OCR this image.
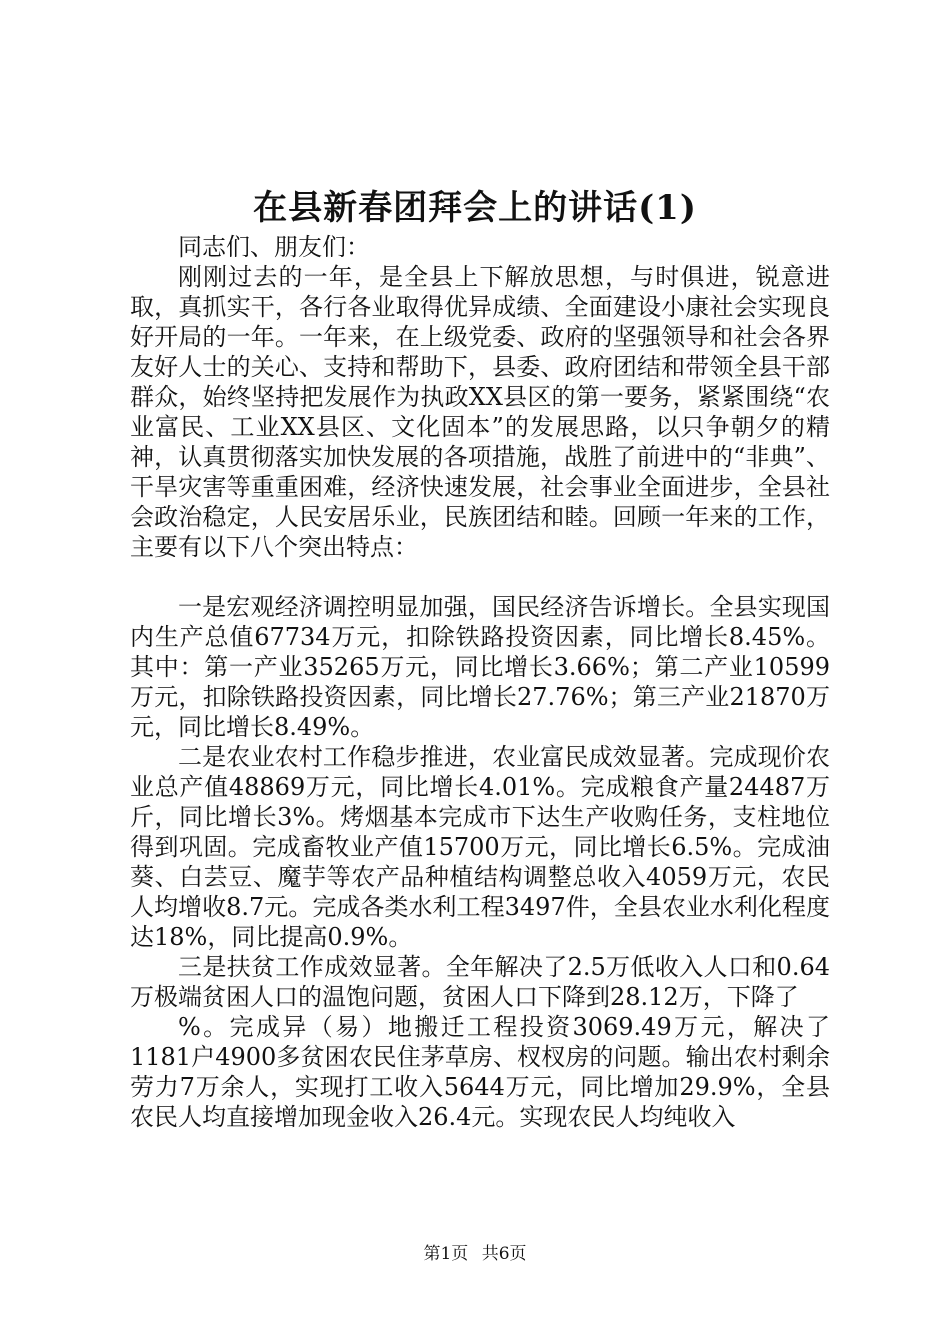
在县新春团拜会上的讲话(1)

同志们、朋友们：

刚刚过去的一年，是全县上下解放思想，与时俱进，锐意进取，真抓实干，各行各业取得优异成绩、全面建设小康社会实现良好开局的一年。一年来，在上级党委、政府的坚强领导和社会各界友好人士的关心、支持和帮助下，县委、政府团结和带领全县干部群众，始终坚持把发展作为执政XX县区的第一要务，紧紧围绕“农业富民、工业XX县区、文化固本”的发展思路，以只争朝夕的精神，认真贯彻落实加快发展的各项措施，战胜了前进中的“非典”、干旱灾害等重重困难，经济快速发展，社会事业全面进步，全县社会政治稳定，人民安居乐业，民族团结和睦。回顾一年来的工作，主要有以下八个突出特点：

一是宏观经济调控明显加强，国民经济告诉增长。全县实现国内生产总值67734万元，扣除铁路投资因素，同比增长8.45%。其中：第一产业35265万元，同比增长3.66%；第二产业10599万元，扣除铁路投资因素，同比增长27.76%；第三产业21870万元，同比增长8.49%。

二是农业农村工作稳步推进，农业富民成效显著。完成现价农业总产值48869万元，同比增长4.01%。完成粮食产量24487万斤，同比增长3%。烤烟基本完成市下达生产收购任务，支柱地位得到巩固。完成畜牧业产值15700万元，同比增长6.5%。完成油葵、白芸豆、魔芋等农产品种植结构调整总收入4059万元，农民人均增收8.7元。完成各类水利工程3497件，全县农业水利化程度达18%，同比提高0.9%。

三是扶贫工作成效显著。全年解决了2.5万低收入人口和0.64万极端贫困人口的温饱问题，贫困人口下降到28.12万，下降了

%。完成异（易）地搬迁工程投资3069.49万元，解决了1181户4900多贫困农民住茅草房、杈杈房的问题。输出农村剩余劳力7万余人，实现打工收入5644万元，同比增加29.9%，全县农民人均直接增加现金收入26.4元。实现农民人均纯收入

第1页 共6页
